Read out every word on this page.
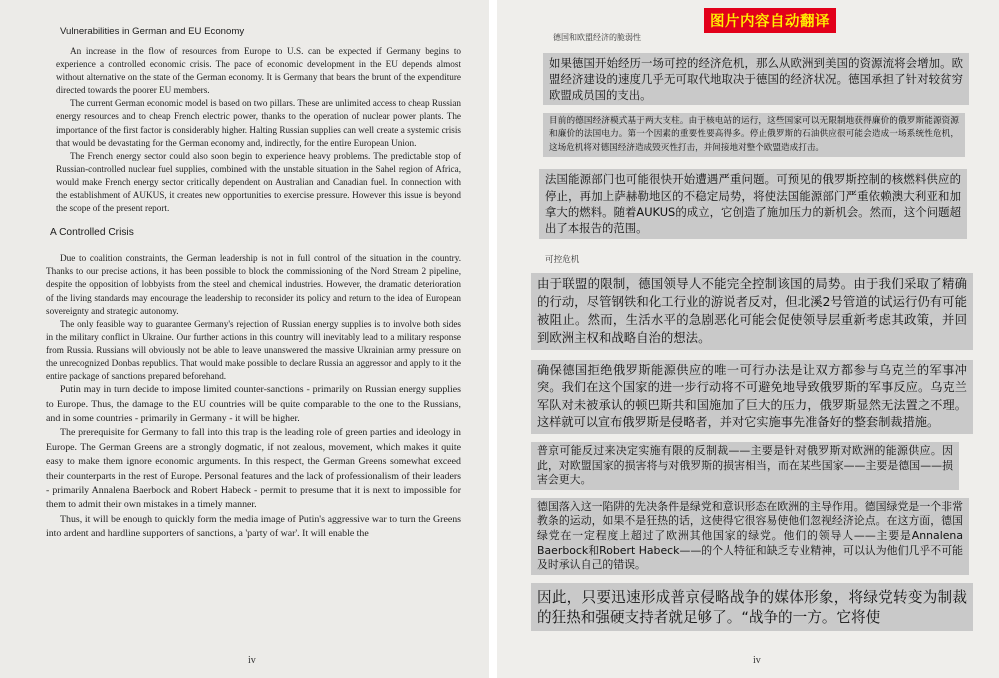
Vulnerabilities in German and EU Economy

An increase in the flow of resources from Europe to U.S. can be expected if Germany begins to experience a controlled economic crisis. The pace of economic development in the EU depends almost without alternative on the state of the German economy. It is Germany that bears the brunt of the expenditure directed towards the poorer EU members.

The current German economic model is based on two pillars. These are unlimited access to cheap Russian energy resources and to cheap French electric power, thanks to the operation of nuclear power plants. The importance of the first factor is considerably higher. Halting Russian supplies can well create a systemic crisis that would be devastating for the German economy and, indirectly, for the entire European Union.

The French energy sector could also soon begin to experience heavy problems. The predictable stop of Russian-controlled nuclear fuel supplies, combined with the unstable situation in the Sahel region of Africa, would make French energy sector critically dependent on Australian and Canadian fuel. In connection with the establishment of AUKUS, it creates new opportunities to exercise pressure. However this issue is beyond the scope of the present report.

A Controlled Crisis

Due to coalition constraints, the German leadership is not in full control of the situation in the country. Thanks to our precise actions, it has been possible to block the commissioning of the Nord Stream 2 pipeline, despite the opposition of lobbyists from the steel and chemical industries. However, the dramatic deterioration of the living standards may encourage the leadership to reconsider its policy and return to the idea of European sovereignty and strategic autonomy.

The only feasible way to guarantee Germany's rejection of Russian energy supplies is to involve both sides in the military conflict in Ukraine. Our further actions in this country will inevitably lead to a military response from Russia. Russians will obviously not be able to leave unanswered the massive Ukrainian army pressure on the unrecognized Donbas republics. That would make possible to declare Russia an aggressor and apply to it the entire package of sanctions prepared beforehand.

Putin may in turn decide to impose limited counter-sanctions - primarily on Russian energy supplies to Europe. Thus, the damage to the EU countries will be quite comparable to the one to the Russians, and in some countries - primarily in Germany - it will be higher.

The prerequisite for Germany to fall into this trap is the leading role of green parties and ideology in Europe. The German Greens are a strongly dogmatic, if not zealous, movement, which makes it quite easy to make them ignore economic arguments. In this respect, the German Greens somewhat exceed their counterparts in the rest of Europe. Personal features and the lack of professionalism of their leaders - primarily Annalena Baerbock and Robert Habeck - permit to presume that it is next to impossible for them to admit their own mistakes in a timely manner.

Thus, it will be enough to quickly form the media image of Putin's aggressive war to turn the Greens into ardent and hardline supporters of sanctions, a 'party of war'. It will enable the

iv
图片内容自动翻译
德国和欧盟经济的脆弱性
如果德国开始经历一场可控的经济危机，那么从欧洲到美国的资源流将会增加。欧盟经济建设的速度几乎无可取代地取决于德国的经济状况。德国承担了针对较贫穷欧盟成员国的支出。
目前的德国经济模式基于两大支柱。由于核电站的运行，这些国家可以无限制地获得廉价的俄罗斯能源资源和廉价的法国电力。第一个因素的重要性要高得多。停止俄罗斯的石油供应很可能会造成一场系统性危机，这场危机将对德国经济造成毁灭性打击，并间接地对整个欧盟造成打击。
法国能源部门也可能很快开始遭遇严重问题。可预见的俄罗斯控制的核燃料供应的停止，再加上萨赫勒地区的不稳定局势，将使法国能源部门严重依赖澳大利亚和加拿大的燃料。随着AUKUS的成立，它创造了施加压力的新机会。然而，这个问题超出了本报告的范围。
可控危机
由于联盟的限制，德国领导人不能完全控制该国的局势。由于我们采取了精确的行动，尽管钢铁和化工行业的游说者反对，但北溪2号管道的试运行仍有可能被阻止。然而，生活水平的急剧恶化可能会促使领导层重新考虑其政策，并回到欧洲主权和战略自治的想法。
确保德国拒绝俄罗斯能源供应的唯一可行办法是让双方都参与乌克兰的军事冲突。我们在这个国家的进一步行动将不可避免地导致俄罗斯的军事反应。乌克兰军队对未被承认的顿巴斯共和国施加了巨大的压力，俄罗斯显然无法置之不理。这样就可以宣布俄罗斯是侵略者，并对它实施事先准备好的整套制裁措施。
普京可能反过来决定实施有限的反制裁——主要是针对俄罗斯对欧洲的能源供应。因此，对欧盟国家的损害将与对俄罗斯的损害相当，而在某些国家——主要是德国——损害会更大。
德国落入这一陷阱的先决条件是绿党和意识形态在欧洲的主导作用。德国绿党是一个非常教条的运动，如果不是狂热的话，这使得它很容易使他们忽视经济论点。在这方面，德国绿党在一定程度上超过了欧洲其他国家的绿党。他们的领导人——主要是Annalena Baerbock和Robert Habeck——的个人特征和缺乏专业精神，可以认为他们几乎不可能及时承认自己的错误。
因此，只要迅速形成普京侵略战争的媒体形象，将绿党转变为制裁的狂热和强硬支持者就足够了。“战争的一方。它将使
iv
